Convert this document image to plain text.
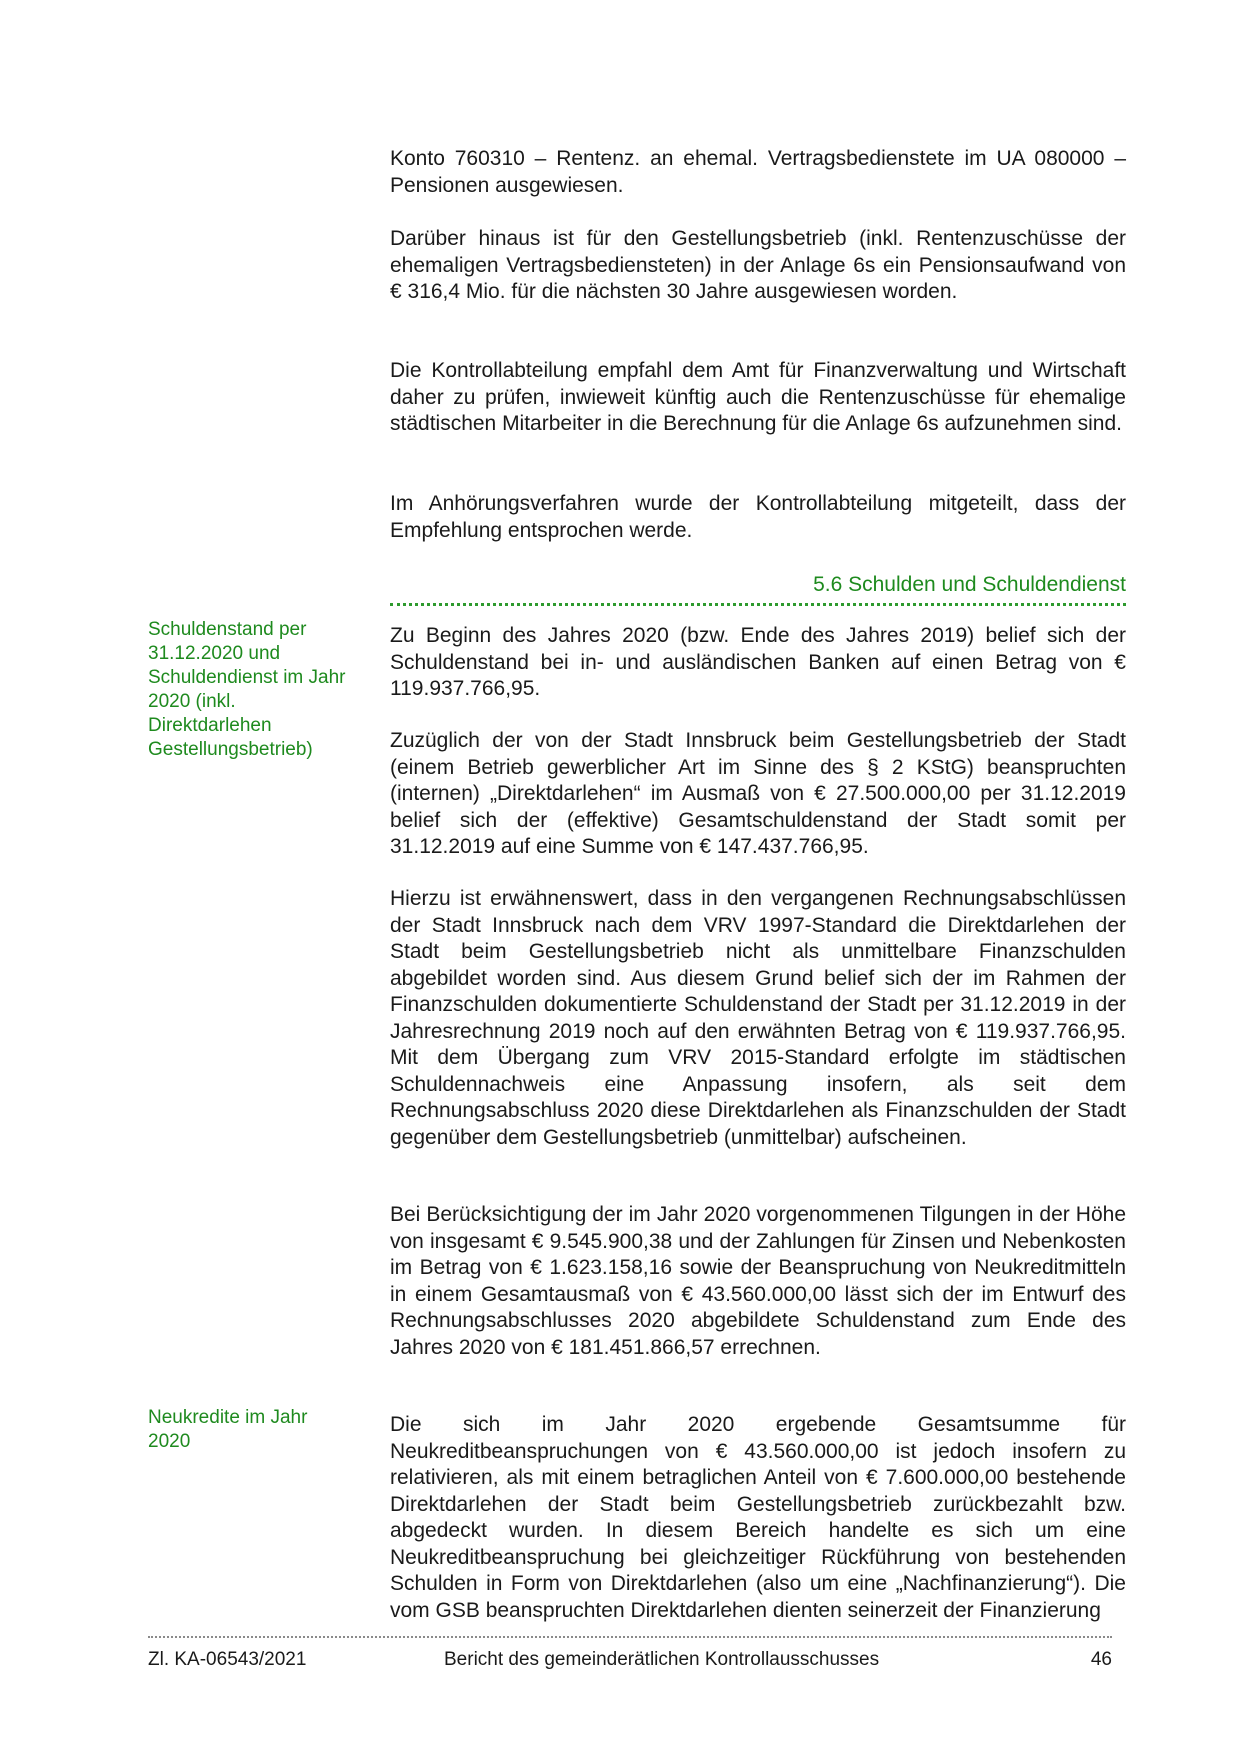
Konto 760310 – Rentenz. an ehemal. Vertragsbedienstete im UA 080000 – Pensionen ausgewiesen.

Darüber hinaus ist für den Gestellungsbetrieb (inkl. Rentenzuschüsse der ehemaligen Vertragsbediensteten) in der Anlage 6s ein Pensionsaufwand von € 316,4 Mio. für die nächsten 30 Jahre ausgewiesen worden.

Die Kontrollabteilung empfahl dem Amt für Finanzverwaltung und Wirtschaft daher zu prüfen, inwieweit künftig auch die Rentenzuschüsse für ehemalige städtischen Mitarbeiter in die Berechnung für die Anlage 6s aufzunehmen sind.

Im Anhörungsverfahren wurde der Kontrollabteilung mitgeteilt, dass der Empfehlung entsprochen werde.

5.6 Schulden und Schuldendienst
Schuldenstand per 31.12.2020 und Schuldendienst im Jahr 2020 (inkl. Direktdarlehen Gestellungsbetrieb)

Zu Beginn des Jahres 2020 (bzw. Ende des Jahres 2019) belief sich der Schuldenstand bei in- und ausländischen Banken auf einen Betrag von € 119.937.766,95.

Zuzüglich der von der Stadt Innsbruck beim Gestellungsbetrieb der Stadt (einem Betrieb gewerblicher Art im Sinne des § 2 KStG) beanspruchten (internen) „Direktdarlehen“ im Ausmaß von € 27.500.000,00 per 31.12.2019 belief sich der (effektive) Gesamtschuldenstand der Stadt somit per 31.12.2019 auf eine Summe von € 147.437.766,95.

Hierzu ist erwähnenswert, dass in den vergangenen Rechnungsabschlüssen der Stadt Innsbruck nach dem VRV 1997-Standard die Direktdarlehen der Stadt beim Gestellungsbetrieb nicht als unmittelbare Finanzschulden abgebildet worden sind. Aus diesem Grund belief sich der im Rahmen der Finanzschulden dokumentierte Schuldenstand der Stadt per 31.12.2019 in der Jahresrechnung 2019 noch auf den erwähnten Betrag von € 119.937.766,95. Mit dem Übergang zum VRV 2015-Standard erfolgte im städtischen Schuldennachweis eine Anpassung insofern, als seit dem Rechnungsabschluss 2020 diese Direktdarlehen als Finanzschulden der Stadt gegenüber dem Gestellungsbetrieb (unmittelbar) aufscheinen.

Bei Berücksichtigung der im Jahr 2020 vorgenommenen Tilgungen in der Höhe von insgesamt € 9.545.900,38 und der Zahlungen für Zinsen und Nebenkosten im Betrag von € 1.623.158,16 sowie der Beanspruchung von Neukreditmitteln in einem Gesamtausmaß von € 43.560.000,00 lässt sich der im Entwurf des Rechnungsabschlusses 2020 abgebildete Schuldenstand zum Ende des Jahres 2020 von € 181.451.866,57 errechnen.

Neukredite im Jahr 2020

Die sich im Jahr 2020 ergebende Gesamtsumme für Neukreditbeanspruchungen von € 43.560.000,00 ist jedoch insofern zu relativieren, als mit einem betraglichen Anteil von € 7.600.000,00 bestehende Direktdarlehen der Stadt beim Gestellungsbetrieb zurückbezahlt bzw. abgedeckt wurden. In diesem Bereich handelte es sich um eine Neukreditbeanspruchung bei gleichzeitiger Rückführung von bestehenden Schulden in Form von Direktdarlehen (also um eine „Nachfinanzierung“). Die vom GSB beanspruchten Direktdarlehen dienten seinerzeit der Finanzierung

Zl. KA-06543/2021	Bericht des gemeinderätlichen Kontrollausschusses	46
